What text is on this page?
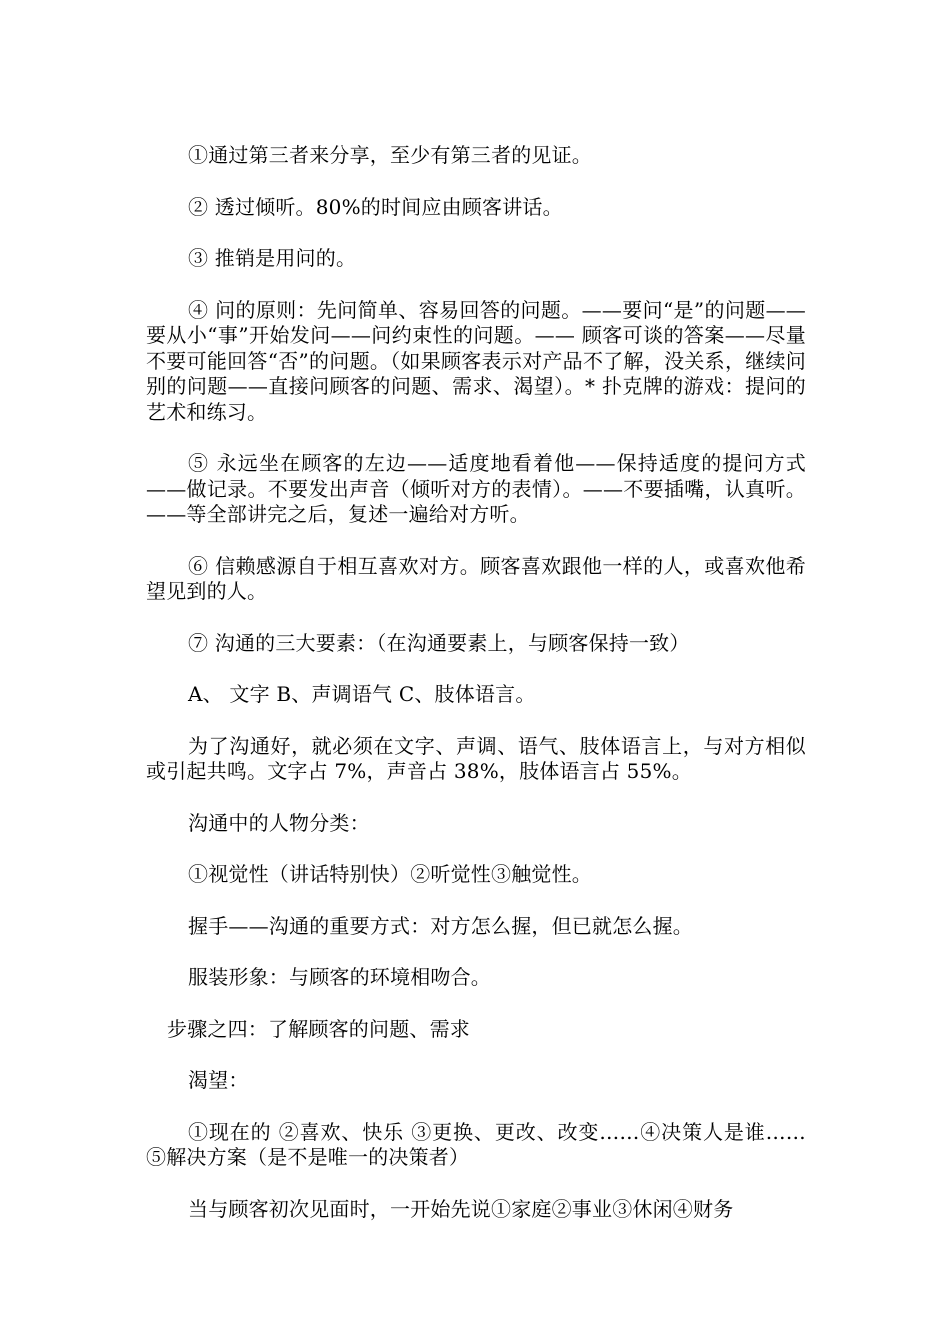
①通过第三者来分享，至少有第三者的见证。

② 透过倾听。80%的时间应由顾客讲话。

③ 推销是用问的。

④ 问的原则：先问简单、容易回答的问题。——要问“是”的问题——要从小“事”开始发问——问约束性的问题。—— 顾客可谈的答案——尽量不要可能回答“否”的问题。（如果顾客表示对产品不了解，没关系，继续问别的问题——直接问顾客的问题、需求、渴望）。* 扑克牌的游戏：提问的艺术和练习。

⑤ 永远坐在顾客的左边——适度地看着他——保持适度的提问方式——做记录。不要发出声音（倾听对方的表情）。——不要插嘴，认真听。——等全部讲完之后，复述一遍给对方听。

⑥ 信赖感源自于相互喜欢对方。顾客喜欢跟他一样的人，或喜欢他希望见到的人。

⑦ 沟通的三大要素：（在沟通要素上，与顾客保持一致）

A、 文字 B、声调语气 C、肢体语言。

为了沟通好，就必须在文字、声调、语气、肢体语言上，与对方相似或引起共鸣。文字占 7%，声音占 38%，肢体语言占 55%。

沟通中的人物分类：

①视觉性（讲话特别快）②听觉性③触觉性。

握手——沟通的重要方式：对方怎么握，但已就怎么握。

服装形象：与顾客的环境相吻合。

步骤之四：了解顾客的问题、需求

渴望：

①现在的 ②喜欢、快乐 ③更换、更改、改变……④决策人是谁……⑤解决方案（是不是唯一的决策者）

当与顾客初次见面时，一开始先说①家庭②事业③休闲④财务
